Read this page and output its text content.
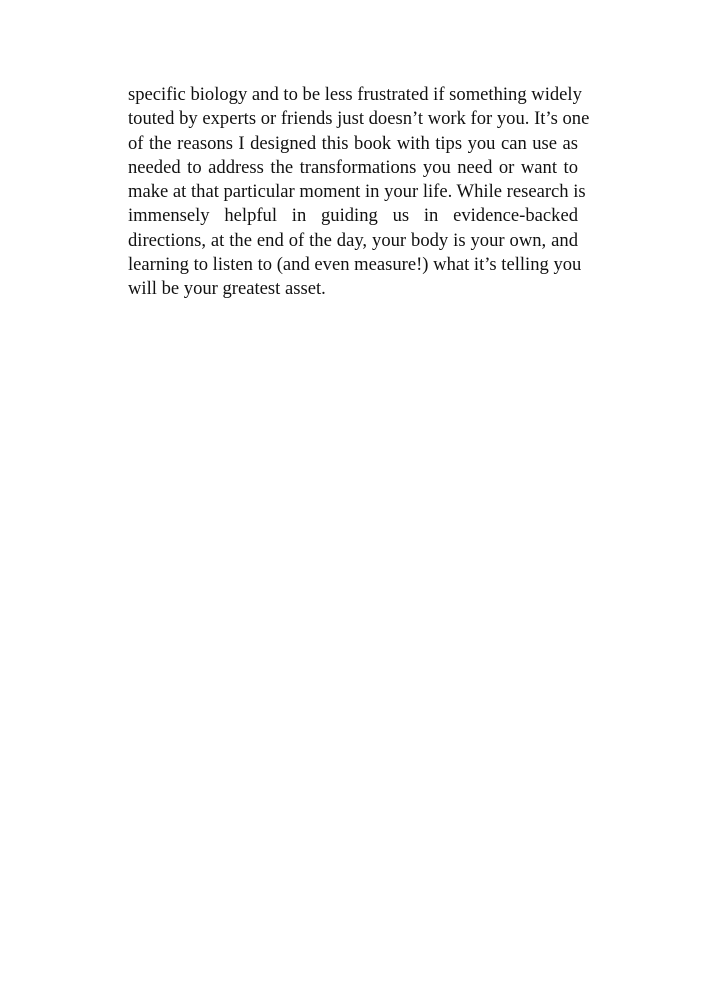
specific biology and to be less frustrated if something widely
touted by experts or friends just doesn’t work for you. It’s one
of the reasons I designed this book with tips you can use as
needed to address the transformations you need or want to
make at that particular moment in your life. While research is
immensely helpful in guiding us in evidence-backed
directions, at the end of the day, your body is your own, and
learning to listen to (and even measure!) what it’s telling you
will be your greatest asset.
